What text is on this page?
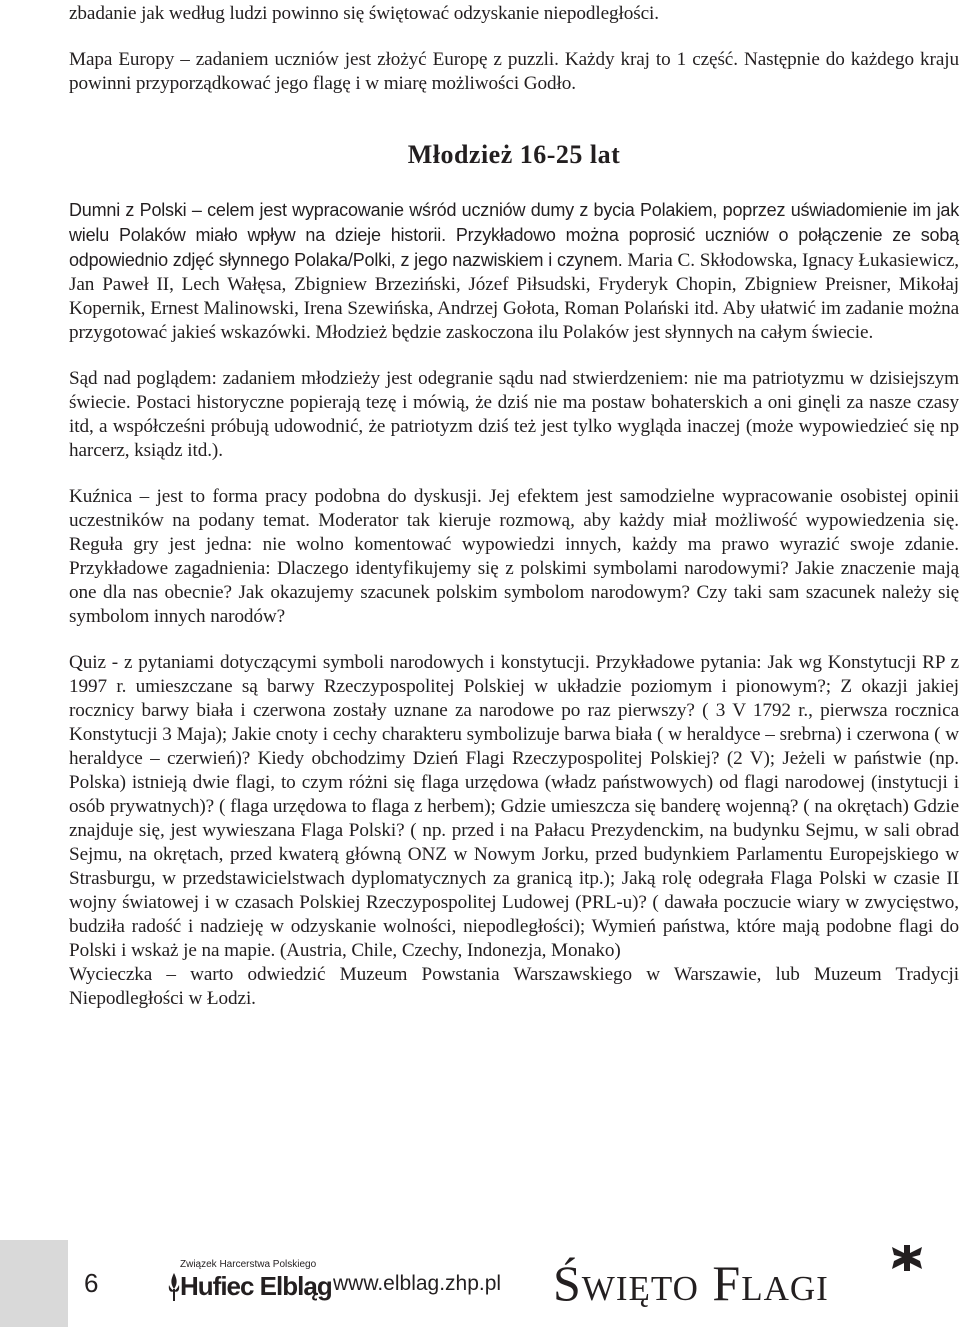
zbadanie jak według ludzi powinno się świętować odzyskanie niepodległości.

Mapa Europy – zadaniem uczniów jest złożyć Europę z puzzli. Każdy kraj to 1 część. Następnie do każdego kraju powinni przyporządkować jego flagę i w miarę możliwości Godło.

Młodzież 16-25 lat

Dumni z Polski – celem jest wypracowanie wśród uczniów dumy z bycia Polakiem, poprzez uświadomienie im jak wielu Polaków miało wpływ na dzieje historii. Przykładowo można poprosić uczniów o połączenie ze sobą odpowiednio zdjęć słynnego Polaka/Polki, z jego nazwiskiem i czynem. Maria C. Skłodowska, Ignacy Łukasiewicz, Jan Paweł II, Lech Wałęsa, Zbigniew Brzeziński, Józef Piłsudski, Fryderyk Chopin, Zbigniew Preisner, Mikołaj Kopernik, Ernest Malinowski, Irena Szewińska, Andrzej Gołota, Roman Polański itd. Aby ułatwić im zadanie można przygotować jakieś wskazówki. Młodzież będzie zaskoczona ilu Polaków jest słynnych na całym świecie.

Sąd nad poglądem: zadaniem młodzieży jest odegranie sądu nad stwierdzeniem: nie ma patriotyzmu w dzisiejszym świecie. Postaci historyczne popierają tezę i mówią, że dziś nie ma postaw bohaterskich a oni ginęli za nasze czasy itd, a współcześni próbują udowodnić, że patriotyzm dziś też jest tylko wygląda inaczej (może wypowiedzieć się np harcerz, ksiądz itd.).

Kuźnica – jest to forma pracy podobna do dyskusji. Jej efektem jest samodzielne wypracowanie osobistej opinii uczestników na podany temat. Moderator tak kieruje rozmową, aby każdy miał możliwość wypowiedzenia się. Reguła gry jest jedna: nie wolno komentować wypowiedzi innych, każdy ma prawo wyrazić swoje zdanie. Przykładowe zagadnienia: Dlaczego identyfikujemy się z polskimi symbolami narodowymi? Jakie znaczenie mają one dla nas obecnie? Jak okazujemy szacunek polskim symbolom narodowym? Czy taki sam szacunek należy się symbolom innych narodów?

Quiz - z pytaniami dotyczącymi symboli narodowych i konstytucji. Przykładowe pytania: Jak wg Konstytucji RP z 1997 r. umieszczane są barwy Rzeczypospolitej Polskiej w układzie poziomym i pionowym?; Z okazji jakiej rocznicy barwy biała i czerwona zostały uznane za narodowe po raz pierwszy? ( 3 V 1792 r., pierwsza rocznica Konstytucji 3 Maja); Jakie cnoty i cechy charakteru symbolizuje barwa biała ( w heraldyce – srebrna) i czerwona ( w heraldyce – czerwień)? Kiedy obchodzimy Dzień Flagi Rzeczypospolitej Polskiej? (2 V); Jeżeli w państwie (np. Polska) istnieją dwie flagi, to czym różni się flaga urzędowa (władz państwowych) od flagi narodowej (instytucji i osób prywatnych)? ( flaga urzędowa to flaga z herbem); Gdzie umieszcza się banderę wojenną? ( na okrętach) Gdzie znajduje się, jest wywieszana Flaga Polski? ( np. przed i na Pałacu Prezydenckim, na budynku Sejmu, w sali obrad Sejmu, na okrętach, przed kwaterą główną ONZ w Nowym Jorku, przed budynkiem Parlamentu Europejskiego w Strasburgu, w przedstawicielstwach dyplomatycznych za granicą itp.); Jaką rolę odegrała Flaga Polski w czasie II wojny światowej i w czasach Polskiej Rzeczypospolitej Ludowej (PRL-u)? ( dawała poczucie wiary w zwycięstwo, budziła radość i nadzieję w odzyskanie wolności, niepodległości); Wymień państwa, które mają podobne flagi do Polski i wskaż je na mapie. (Austria, Chile, Czechy, Indonezja, Monako)

Wycieczka – warto odwiedzić Muzeum Powstania Warszawskiego w Warszawie, lub Muzeum Tradycji Niepodległości w Łodzi.

6
Związek Harcerstwa Polskiego
Hufiec Elbląg www.elblag.zhp.pl Święto Flagi
